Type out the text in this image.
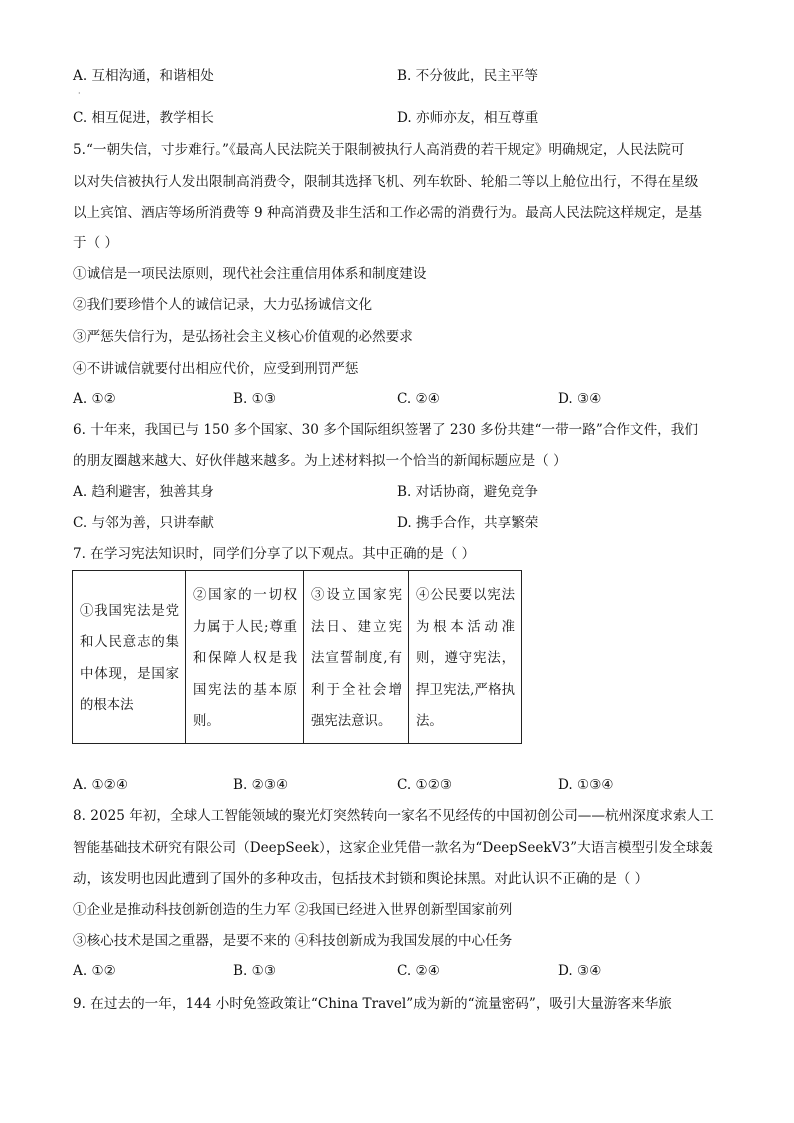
A. 互相沟通，和谐相处	B. 不分彼此，民主平等
·
C. 相互促进，教学相长	D. 亦师亦友，相互尊重
5.“一朝失信，寸步难行。”《最高人民法院关于限制被执行人高消费的若干规定》明确规定，人民法院可
以对失信被执行人发出限制高消费令，限制其选择飞机、列车软卧、轮船二等以上舱位出行，不得在星级
以上宾馆、酒店等场所消费等 9 种高消费及非生活和工作必需的消费行为。最高人民法院这样规定，是基
于（ ）
①诚信是一项民法原则，现代社会注重信用体系和制度建设
②我们要珍惜个人的诚信记录，大力弘扬诚信文化
③严惩失信行为，是弘扬社会主义核心价值观的必然要求
④不讲诚信就要付出相应代价，应受到刑罚严惩
A. ①②	B. ①③	C. ②④	D. ③④
6. 十年来，我国已与 150 多个国家、30 多个国际组织签署了 230 多份共建“一带一路”合作文件，我们
的朋友圈越来越大、好伙伴越来越多。为上述材料拟一个恰当的新闻标题应是（ ）
A. 趋利避害，独善其身	B. 对话协商，避免竞争
C. 与邻为善，只讲奉献	D. 携手合作，共享繁荣
7. 在学习宪法知识时，同学们分享了以下观点。其中正确的是（ ）
①我国宪法是党和人民意志的集中体现，是国家的根本法	②国家的一切权力属于人民;尊重和保障人权是我国宪法的基本原则。	③设立国家宪法日、建立宪法宣誓制度,有利于全社会增强宪法意识。	④公民要以宪法为根本活动准则，遵守宪法，捍卫宪法,严格执法。
A. ①②④	B. ②③④	C. ①②③	D. ①③④
8. 2025 年初，全球人工智能领域的聚光灯突然转向一家名不见经传的中国初创公司——杭州深度求索人工
智能基础技术研究有限公司（DeepSeek），这家企业凭借一款名为“DeepSeekV3”大语言模型引发全球轰
动，该发明也因此遭到了国外的多种攻击，包括技术封锁和舆论抹黑。对此认识不正确的是（ ）
①企业是推动科技创新创造的生力军 ②我国已经进入世界创新型国家前列
③核心技术是国之重器，是要不来的 ④科技创新成为我国发展的中心任务
A. ①②	B. ①③	C. ②④	D. ③④
9. 在过去的一年，144 小时免签政策让“China Travel”成为新的“流量密码”，吸引大量游客来华旅
